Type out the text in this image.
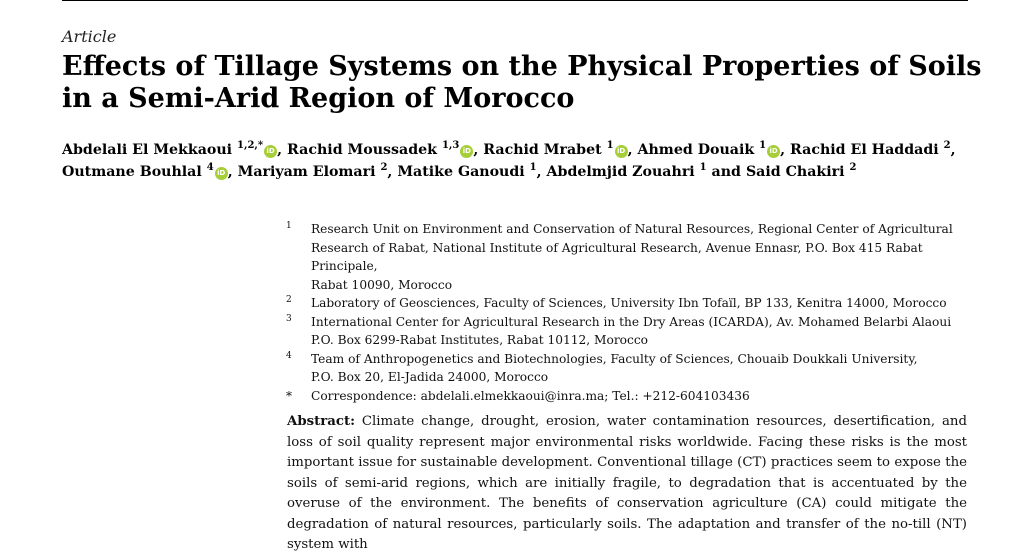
Article
Effects of Tillage Systems on the Physical Properties of Soils in a Semi-Arid Region of Morocco
Abdelali El Mekkaoui $^{1,2,*}$ iD , Rachid Moussadek $^{1,3}$ iD , Rachid Mrabet $^1$ iD , Ahmed Douaik $^1$ iD , Rachid El Haddadi $^2$, Outmane Bouhlal $^4$ iD , Mariyam Elomari $^2$, Matike Ganoudi $^1$, Abdelmjid Zouahri $^1$ and Said Chakiri $^2$
1 Research Unit on Environment and Conservation of Natural Resources, Regional Center of Agricultural
Research of Rabat, National Institute of Agricultural Research, Avenue Ennasr, P.O. Box 415 Rabat Principale,
Rabat 10090, Morocco
2 Laboratory of Geosciences, Faculty of Sciences, University Ibn Tofaïl, BP 133, Kenitra 14000, Morocco
3 International Center for Agricultural Research in the Dry Areas (ICARDA), Av. Mohamed Belarbi Alaoui
P.O. Box 6299-Rabat Institutes, Rabat 10112, Morocco
4 Team of Anthropogenetics and Biotechnologies, Faculty of Sciences, Chouaib Doukkali University,
P.O. Box 20, El-Jadida 24000, Morocco
* Correspondence: abdelali.elmekkaoui@inra.ma; Tel.: +212-604103436
Abstract: Climate change, drought, erosion, water contamination resources, desertification, and loss of soil quality represent major environmental risks worldwide. Facing these risks is the most important issue for sustainable development. Conventional tillage (CT) practices seem to expose the soils of semi-arid regions, which are initially fragile, to degradation that is accentuated by the overuse of the environment. The benefits of conservation agriculture (CA) could mitigate the degradation of natural resources, particularly soils. The adaptation and transfer of the no-till (NT) system with
